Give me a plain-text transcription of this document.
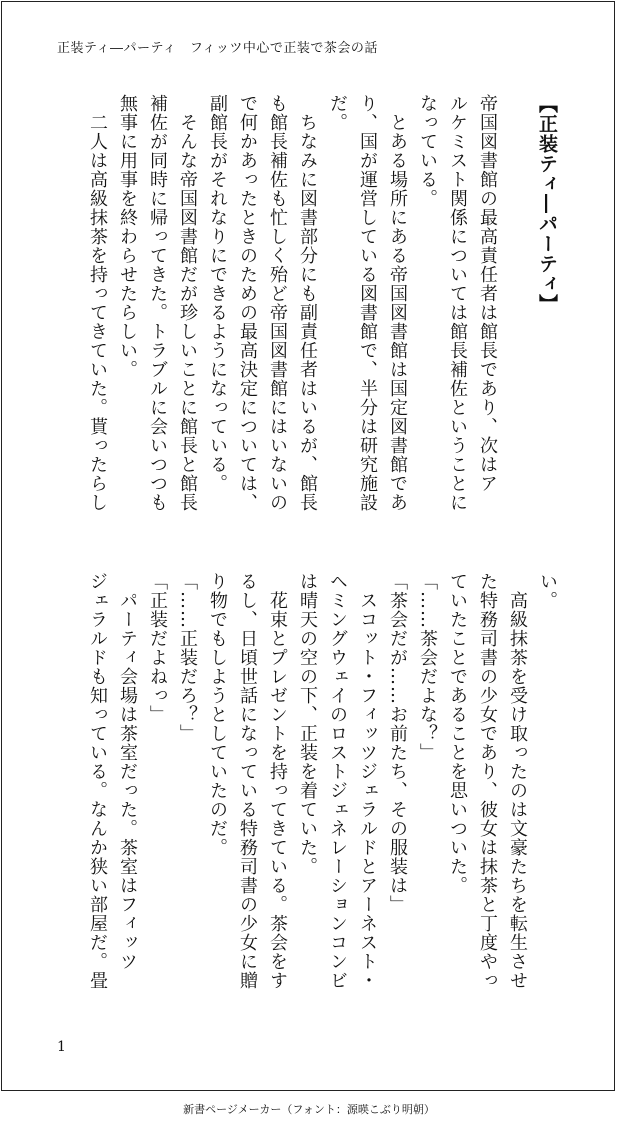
正装ティ―パーティ　フィッツ中心で正装で茶会の話
【正装ティ―パーティ】

帝国図書館の最高責任者は館長であり、次はア
ルケミスト関係については館長補佐ということに
なっている。
　とある場所にある帝国図書館は国定図書館であ
り、国が運営している図書館で、半分は研究施設
だ。
　ちなみに図書部分にも副責任者はいるが、館長
も館長補佐も忙しく殆ど帝国図書館にはいないの
で何かあったときのための最高決定については、
副館長がそれなりにできるようになっている。
　そんな帝国図書館だが珍しいことに館長と館長
補佐が同時に帰ってきた。トラブルに会いつつも
無事に用事を終わらせたらしい。
　二人は高級抹茶を持ってきていた。貰ったらし
い。
　高級抹茶を受け取ったのは文豪たちを転生させ
た特務司書の少女であり、彼女は抹茶と丁度やっ
ていたことであることを思いついた。
「……茶会だよな？」
「茶会だが……お前たち、その服装は」
　スコット・フィッツジェラルドとアーネスト・
ヘミングウェイのロストジェネレーションコンビ
は晴天の空の下、正装を着ていた。
　花束とプレゼントを持ってきている。茶会をす
るし、日頃世話になっている特務司書の少女に贈
り物でもしようとしていたのだ。
「……正装だろ？」
「正装だよねっ」
　パーティ会場は茶室だった。茶室はフィッツ
ジェラルドも知っている。なんか狭い部屋だ。畳
1
新書ページメーカー（フォント：源暎こぶり明朝）
